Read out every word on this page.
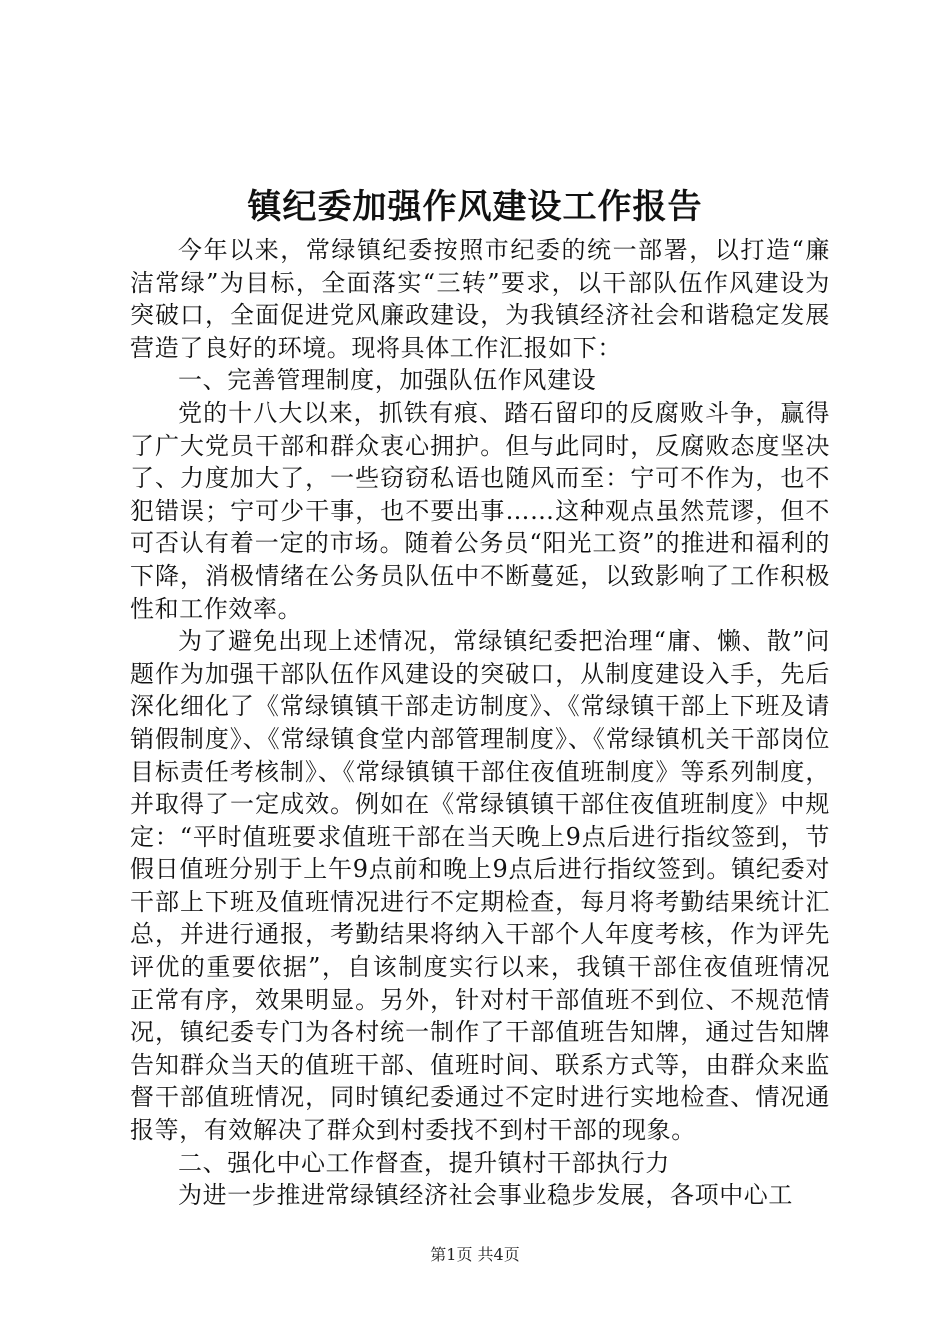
镇纪委加强作风建设工作报告

今年以来，常绿镇纪委按照市纪委的统一部署，以打造“廉洁常绿”为目标，全面落实“三转”要求，以干部队伍作风建设为突破口，全面促进党风廉政建设，为我镇经济社会和谐稳定发展营造了良好的环境。现将具体工作汇报如下：

一、完善管理制度，加强队伍作风建设

党的十八大以来，抓铁有痕、踏石留印的反腐败斗争，赢得了广大党员干部和群众衷心拥护。但与此同时，反腐败态度坚决了、力度加大了，一些窃窃私语也随风而至：宁可不作为，也不犯错误；宁可少干事，也不要出事……这种观点虽然荒谬，但不可否认有着一定的市场。随着公务员“阳光工资”的推进和福利的下降，消极情绪在公务员队伍中不断蔓延，以致影响了工作积极性和工作效率。

为了避免出现上述情况，常绿镇纪委把治理“庸、懒、散”问题作为加强干部队伍作风建设的突破口，从制度建设入手，先后深化细化了《常绿镇镇干部走访制度》、《常绿镇干部上下班及请销假制度》、《常绿镇食堂内部管理制度》、《常绿镇机关干部岗位目标责任考核制》、《常绿镇镇干部住夜值班制度》等系列制度，并取得了一定成效。例如在《常绿镇镇干部住夜值班制度》中规定：“平时值班要求值班干部在当天晚上9点后进行指纹签到，节假日值班分别于上午9点前和晚上9点后进行指纹签到。镇纪委对干部上下班及值班情况进行不定期检查，每月将考勤结果统计汇总，并进行通报，考勤结果将纳入干部个人年度考核，作为评先评优的重要依据”，自该制度实行以来，我镇干部住夜值班情况正常有序，效果明显。另外，针对村干部值班不到位、不规范情况，镇纪委专门为各村统一制作了干部值班告知牌，通过告知牌告知群众当天的值班干部、值班时间、联系方式等，由群众来监督干部值班情况，同时镇纪委通过不定时进行实地检查、情况通报等，有效解决了群众到村委找不到村干部的现象。

二、强化中心工作督查，提升镇村干部执行力

为进一步推进常绿镇经济社会事业稳步发展，各项中心工

第1页 共4页
